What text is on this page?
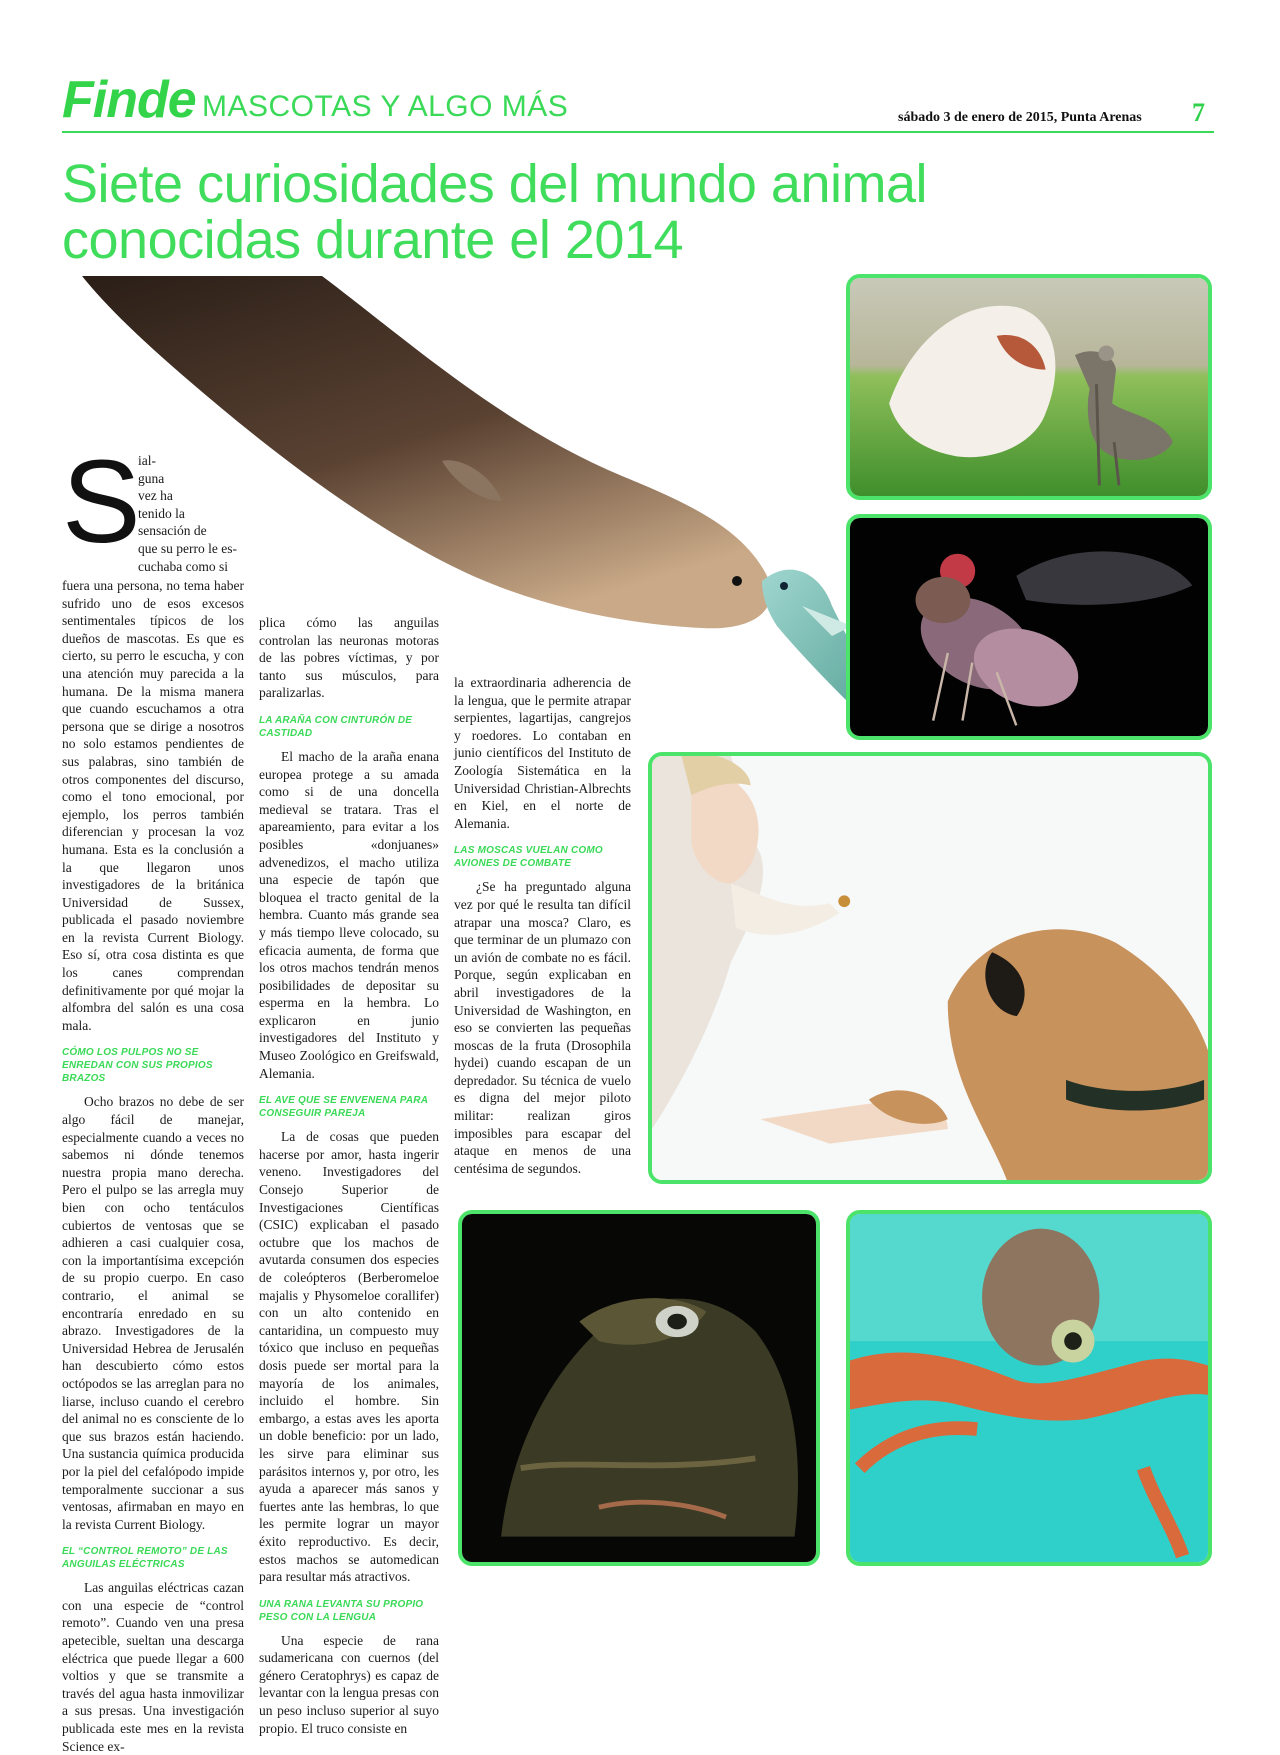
Finde MASCOTAS Y ALGO MÁS	sábado 3 de enero de 2015, Punta Arenas 7
Siete curiosidades del mundo animal conocidas durante el 2014
S
ial-
guna
vez ha
tenido la
sensación de
que su perro le es-
cuchaba como si

fuera una persona, no tema haber sufrido uno de esos excesos sentimentales típicos de los dueños de mascotas. Es que es cierto, su perro le escucha, y con una atención muy parecida a la humana. De la misma manera que cuando escuchamos a otra persona que se dirige a nosotros no solo estamos pendientes de sus palabras, sino también de otros componentes del discurso, como el tono emocional, por ejemplo, los perros también diferencian y procesan la voz humana. Esta es la conclusión a la que llegaron unos investigadores de la británica Universidad de Sussex, publicada el pasado noviembre en la revista Current Biology. Eso sí, otra cosa distinta es que los canes comprendan definitivamente por qué mojar la alfombra del salón es una cosa mala.

CÓMO LOS PULPOS NO SE ENREDAN CON SUS PROPIOS BRAZOS

Ocho brazos no debe de ser algo fácil de manejar, especialmente cuando a veces no sabemos ni dónde tenemos nuestra propia mano derecha. Pero el pulpo se las arregla muy bien con ocho tentáculos cubiertos de ventosas que se adhieren a casi cualquier cosa, con la importantísima excepción de su propio cuerpo. En caso contrario, el animal se encontraría enredado en su abrazo. Investigadores de la Universidad Hebrea de Jerusalén han descubierto cómo estos octópodos se las arreglan para no liarse, incluso cuando el cerebro del animal no es consciente de lo que sus brazos están haciendo. Una sustancia química producida por la piel del cefalópodo impide temporalmente succionar a sus ventosas, afirmaban en mayo en la revista Current Biology.

EL “CONTROL REMOTO” DE LAS ANGUILAS ELÉCTRICAS

Las anguilas eléctricas cazan con una especie de “control remoto”. Cuando ven una presa apetecible, sueltan una descarga eléctrica que puede llegar a 600 voltios y que se transmite a través del agua hasta inmovilizar a sus presas. Una investigación publicada este mes en la revista Science ex-

plica cómo las anguilas controlan las neuronas motoras de las pobres víctimas, y por tanto sus músculos, para paralizarlas.

LA ARAÑA CON CINTURÓN DE CASTIDAD

El macho de la araña enana europea protege a su amada como si de una doncella medieval se tratara. Tras el apareamiento, para evitar a los posibles «donjuanes» advenedizos, el macho utiliza una especie de tapón que bloquea el tracto genital de la hembra. Cuanto más grande sea y más tiempo lleve colocado, su eficacia aumenta, de forma que los otros machos tendrán menos posibilidades de depositar su esperma en la hembra. Lo explicaron en junio investigadores del Instituto y Museo Zoológico en Greifswald, Alemania.

EL AVE QUE SE ENVENENA PARA CONSEGUIR PAREJA

La de cosas que pueden hacerse por amor, hasta ingerir veneno. Investigadores del Consejo Superior de Investigaciones Científicas (CSIC) explicaban el pasado octubre que los machos de avutarda consumen dos especies de coleópteros (Berberomeloe majalis y Physomeloe corallifer) con un alto contenido en cantaridina, un compuesto muy tóxico que incluso en pequeñas dosis puede ser mortal para la mayoría de los animales, incluido el hombre. Sin embargo, a estas aves les aporta un doble beneficio: por un lado, les sirve para eliminar sus parásitos internos y, por otro, les ayuda a aparecer más sanos y fuertes ante las hembras, lo que les permite lograr un mayor éxito reproductivo. Es decir, estos machos se automedican para resultar más atractivos.

UNA RANA LEVANTA SU PROPIO PESO CON LA LENGUA

Una especie de rana sudamericana con cuernos (del género Ceratophrys) es capaz de levantar con la lengua presas con un peso incluso superior al suyo propio. El truco consiste en

la extraordinaria adherencia de la lengua, que le permite atrapar serpientes, lagartijas, cangrejos y roedores. Lo contaban en junio científicos del Instituto de Zoología Sistemática en la Universidad Christian-Albrechts en Kiel, en el norte de Alemania.

LAS MOSCAS VUELAN COMO AVIONES DE COMBATE

¿Se ha preguntado alguna vez por qué le resulta tan difícil atrapar una mosca? Claro, es que terminar de un plumazo con un avión de combate no es fácil. Porque, según explicaban en abril investigadores de la Universidad de Washington, en eso se convierten las pequeñas moscas de la fruta (Drosophila hydei) cuando escapan de un depredador. Su técnica de vuelo es digna del mejor piloto militar: realizan giros imposibles para escapar del ataque en menos de una centésima de segundos.
